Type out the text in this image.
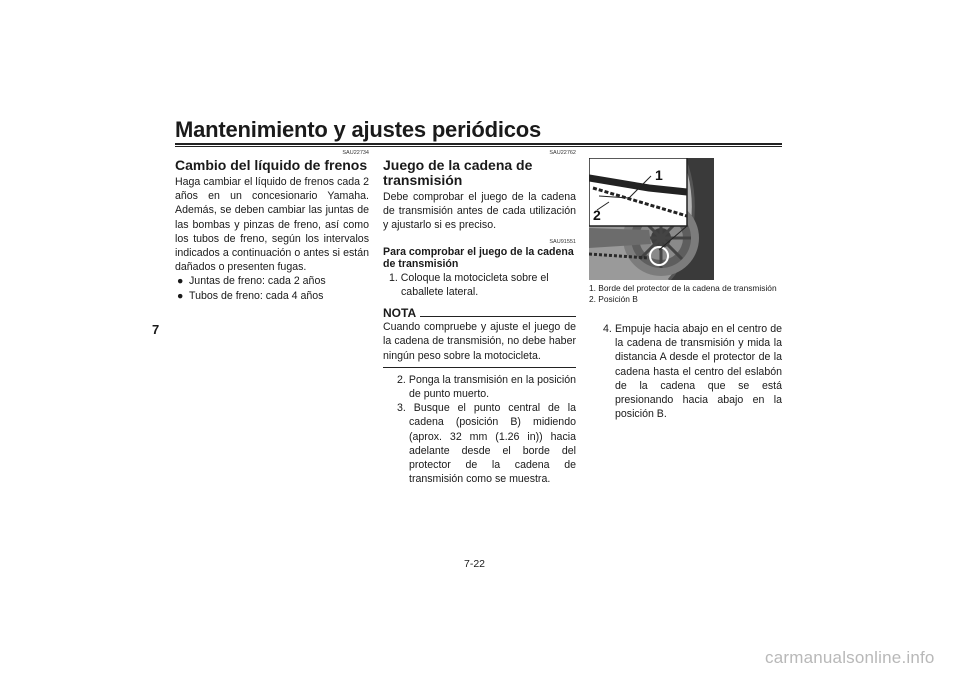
Mantenimiento y ajustes periódicos
7
SAU22734
Cambio del líquido de frenos
Haga cambiar el líquido de frenos cada 2 años en un concesionario Yamaha. Además, se deben cambiar las juntas de las bombas y pinzas de freno, así como los tubos de freno, según los intervalos indicados a continuación o antes si están dañados o presenten fugas.
● Juntas de freno: cada 2 años
● Tubos de freno: cada 4 años
SAU22762
Juego de la cadena de transmisión
Debe comprobar el juego de la cadena de transmisión antes de cada utilización y ajustarlo si es preciso.
SAU91551
Para comprobar el juego de la cadena de transmisión
1. Coloque la motocicleta sobre el caballete lateral.
NOTA
Cuando compruebe y ajuste el juego de la cadena de transmisión, no debe haber ningún peso sobre la motocicleta.
2. Ponga la transmisión en la posición de punto muerto.
3. Busque el punto central de la cadena (posición B) midiendo (aprox. 32 mm (1.26 in)) hacia adelante desde el borde del protector de la cadena de transmisión como se muestra.
1
2
1. Borde del protector de la cadena de transmisión
2. Posición B
4. Empuje hacia abajo en el centro de la cadena de transmisión y mida la distancia A desde el protector de la cadena hasta el centro del eslabón de la cadena que se está presionando hacia abajo en la posición B.
7-22
carmanualsonline.info
